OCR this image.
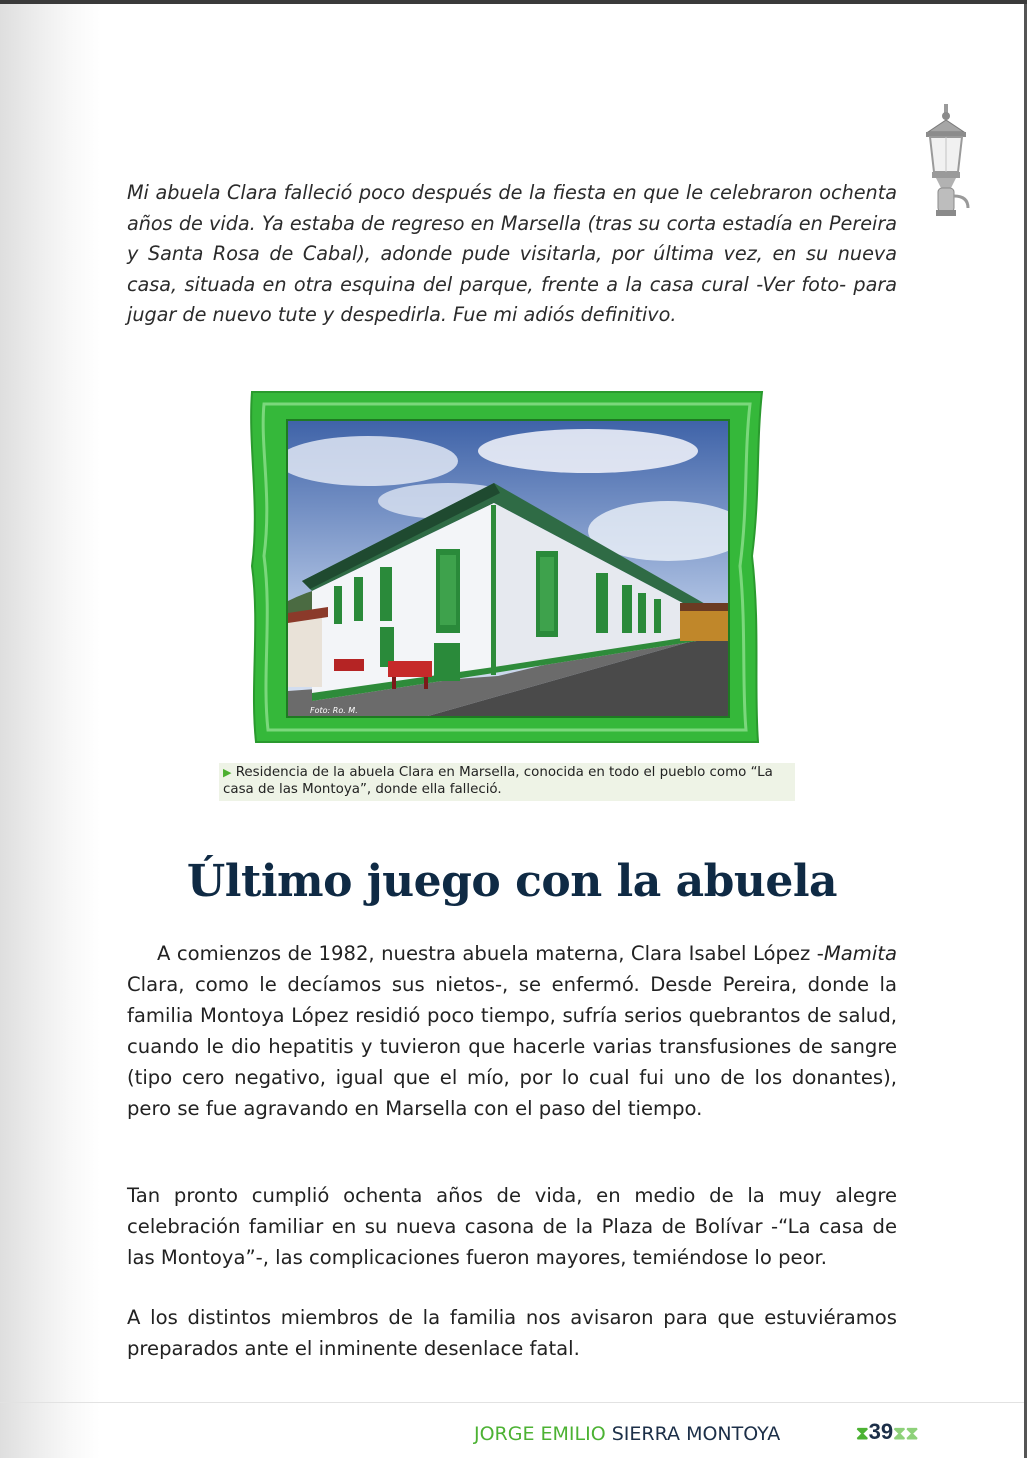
Mi abuela Clara falleció poco después de la fiesta en que le celebraron ochenta años de vida. Ya estaba de regreso en Marsella (tras su corta estadía en Pereira y Santa Rosa de Cabal), adonde pude visitarla, por última vez, en su nueva casa, situada en otra esquina del parque, frente a la casa cural -Ver foto- para jugar de nuevo tute y despedirla. Fue mi adiós definitivo.
Foto: Ro. M.
▶ Residencia de la abuela Clara en Marsella, conocida en todo el pueblo como “La casa de las Montoya”, donde ella falleció.
Último juego con la abuela

A comienzos de 1982, nuestra abuela materna, Clara Isabel López -Mamita Clara, como le decíamos sus nietos-, se enfermó. Desde Pereira, donde la familia Montoya López residió poco tiempo, sufría serios quebrantos de salud, cuando le dio hepatitis y tuvieron que hacerle varias transfusiones de sangre (tipo cero negativo, igual que el mío, por lo cual fui uno de los donantes), pero se fue agravando en Marsella con el paso del tiempo.

Tan pronto cumplió ochenta años de vida, en medio de la muy alegre celebración familiar en su nueva casona de la Plaza de Bolívar -“La casa de las Montoya”-, las complicaciones fueron mayores, temiéndose lo peor.

A los distintos miembros de la familia nos avisaron para que estuviéramos preparados ante el inminente desenlace fatal.

JORGE EMILIO SIERRA MONTOYA	⧗39⧗⧗
